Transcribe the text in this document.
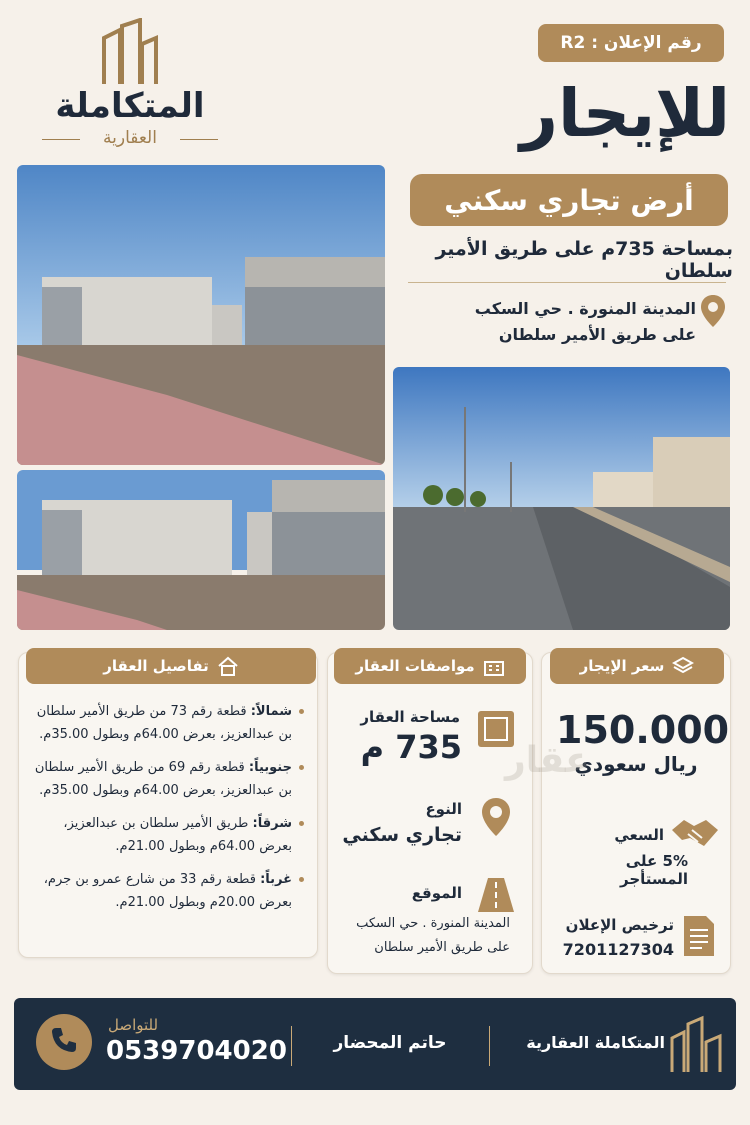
المتكاملة
العقارية
رقم الإعلان : R2
للإيجار
أرض تجاري سكني
بمساحة 735م على طريق الأمير سلطان
المدينة المنورة . حي السكب
على طريق الأمير سلطان
تفاصيل العقار
شمالاً: قطعة رقم 73 من طريق الأمير سلطان بن عبدالعزيز، بعرض 64.00م وبطول 35.00م.
جنوبياً: قطعة رقم 69 من طريق الأمير سلطان بن عبدالعزيز، بعرض 64.00م وبطول 35.00م.
شرقاً: طريق الأمير سلطان بن عبدالعزيز، بعرض 64.00م وبطول 21.00م.
غرباً: قطعة رقم 33 من شارع عمرو بن جرم، بعرض 20.00م وبطول 21.00م.
مواصفات العقار
مساحة العقار
735 م
النوع
تجاري سكني
الموقع
المدينة المنورة . حي السكب
على طريق الأمير سلطان
سعر الإيجار
150.000
ريال سعودي
السعي
5% على المستأجر
ترخيص الإعلان
7201127304
عقار
للتواصل
0539704020	حاتم المحضار	المتكاملة العقارية
